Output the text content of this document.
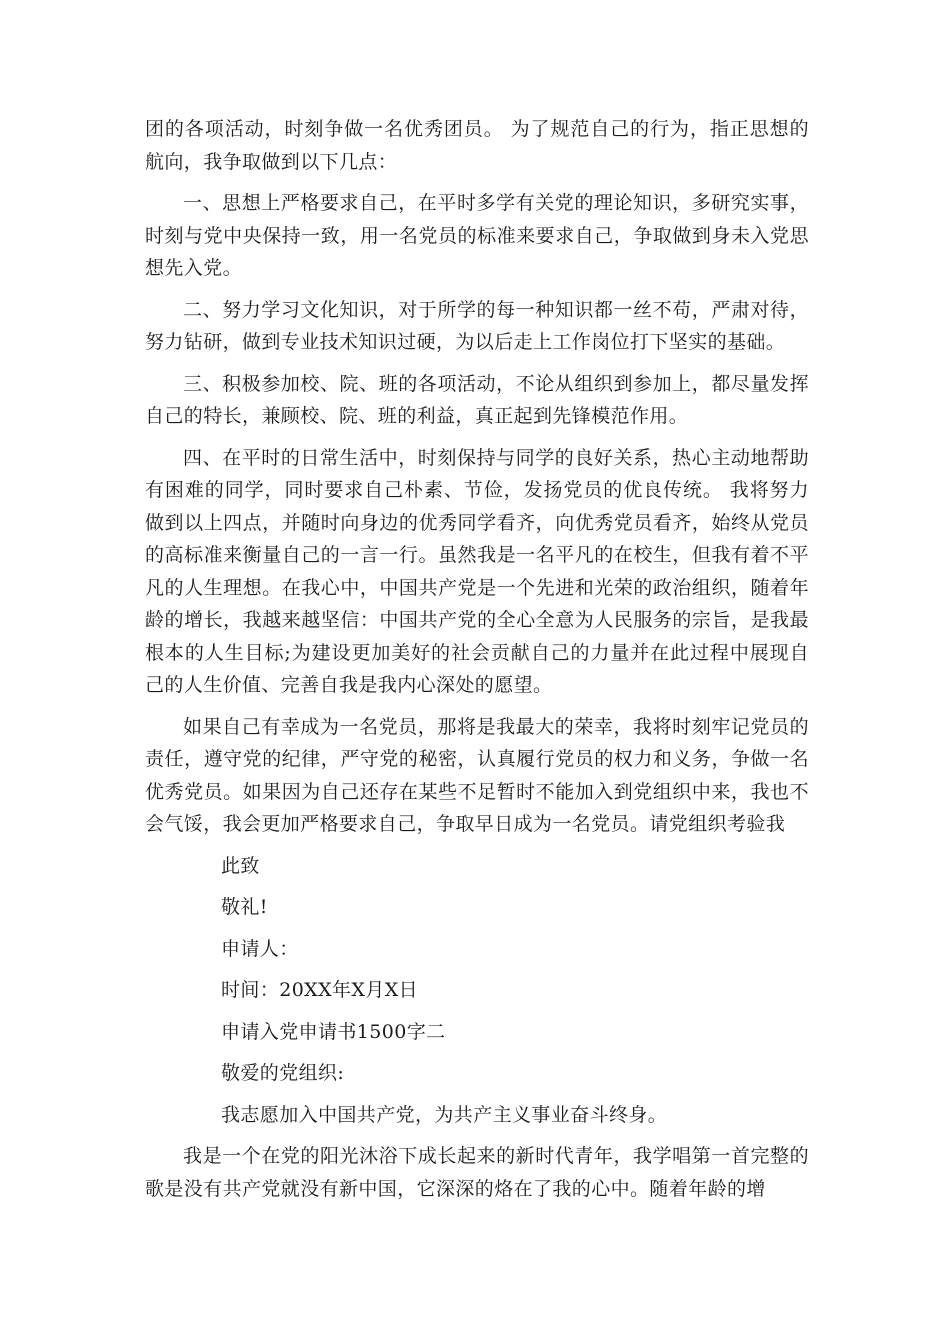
团的各项活动，时刻争做一名优秀团员。 为了规范自己的行为，指正思想的航向，我争取做到以下几点：

一、思想上严格要求自己，在平时多学有关党的理论知识，多研究实事，时刻与党中央保持一致，用一名党员的标准来要求自己，争取做到身未入党思想先入党。

二、努力学习文化知识，对于所学的每一种知识都一丝不苟，严肃对待，努力钻研，做到专业技术知识过硬，为以后走上工作岗位打下坚实的基础。

三、积极参加校、院、班的各项活动，不论从组织到参加上，都尽量发挥自己的特长，兼顾校、院、班的利益，真正起到先锋模范作用。

四、在平时的日常生活中，时刻保持与同学的良好关系，热心主动地帮助有困难的同学，同时要求自己朴素、节俭，发扬党员的优良传统。 我将努力做到以上四点，并随时向身边的优秀同学看齐，向优秀党员看齐，始终从党员的高标准来衡量自己的一言一行。虽然我是一名平凡的在校生，但我有着不平凡的人生理想。在我心中，中国共产党是一个先进和光荣的政治组织，随着年龄的增长，我越来越坚信：中国共产党的全心全意为人民服务的宗旨，是我最根本的人生目标;为建设更加美好的社会贡献自己的力量并在此过程中展现自己的人生价值、完善自我是我内心深处的愿望。

如果自己有幸成为一名党员，那将是我最大的荣幸，我将时刻牢记党员的责任，遵守党的纪律，严守党的秘密，认真履行党员的权力和义务，争做一名优秀党员。如果因为自己还存在某些不足暂时不能加入到党组织中来，我也不会气馁，我会更加严格要求自己，争取早日成为一名党员。请党组织考验我

此致

敬礼!

申请人：

时间：20XX年X月X日

申请入党申请书1500字二

敬爱的党组织:

我志愿加入中国共产党，为共产主义事业奋斗终身。

我是一个在党的阳光沐浴下成长起来的新时代青年，我学唱第一首完整的歌是没有共产党就没有新中国，它深深的烙在了我的心中。随着年龄的增
